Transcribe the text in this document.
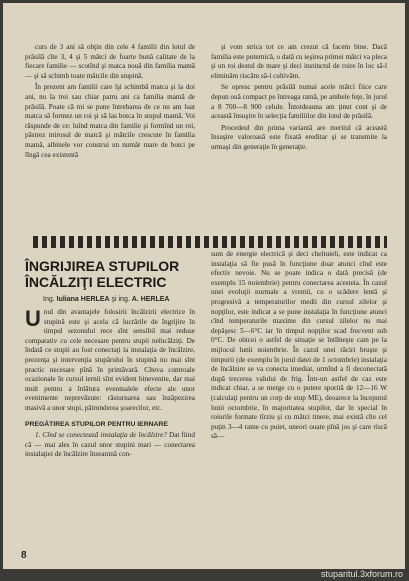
curs de 3 ani să obţin din cele 4 familii din lotul de prăsilă cîte 3, 4 şi 5 mătci de foarte bună calitate de la fiecare familie — scotînd şi matca nouă din familia mamă — şi să schimb toate mătcile din stupină.

În prezent am familii care îşi schimbă matca şi la doi ani, nu la trei sau chiar patru ani ca familia mamă de prăsilă. Poate că mi se pune întrebarea de ce nu am luat matca să formez un roi şi să las botca în stupul mamă. Voi răspunde de ce: luînd matca din familie şi formînd un roi, păstrez mirosul de matcă şi mătcile crescute în familia mamă, albinele vor construi un număr mare de botci pe lîngă cea existentă

şi vom strica tot ce am crezut că facem bine. Dacă familia este puternică, o dată cu ieşirea primei mătci va pleca şi un roi destul de mare şi deci instinctul de roire în loc să-l eliminăm riscăm să-l cultivăm.

Se opresc pentru prăsilă numai acele mătci fiice care depun ouă compact pe întreaga ramă, pe ambele feţe, în jurul a 8 700—8 900 celule. Întotdeauna am ţinut cont şi de această însuşire în selecţia familiilor din lotul de prăsilă.

Procedeul din prima variantă are meritul că această însuşire valoroasă este fixată ereditar şi se transmite la urmaşi din generaţie în generaţie.

ÎNGRIJIREA STUPILOR ÎNCĂLZIŢI ELECTRIC
Ing. Iuliana HERLEA şi ing. A. HERLEA

Unul din avantajele folosirii încălzirii electrice în stupină este şi acela că lucrările de îngrijire în timpul sezonului rece sînt sensibil mai reduse comparativ cu cele necesare pentru stupii neîncălziţi. De îndată ce stupii au fost conectaţi la instalaţia de încălzire, prezenţa şi intervenţia stupărului în stupină nu mai sînt practic necesare pînă în primăvară. Cîteva controale ocazionale în cursul iernii sînt evident binevenite, dar mai mult pentru a înlătura eventualele efecte ale unor evenimente neprevăzute: răsturnarea sau înzăpezirea masivă a unor stupi, pătrunderea şoarecilor, etc.

PREGĂTIREA STUPILOR PENTRU IERNARE

1. Cînd se conectează instalaţia de încălzire? Dat fiind că — mai ales în cazul unor stupini mari — conectarea instalaţiei de încălzire înseamnă con-

sum de energie electrică şi deci cheltuieli, este indicat ca instalaţia să fie pusă în funcţiune doar atunci cînd este efectiv nevoie. Nu se poate indica o dată precisă (de exemplu 15 noiembrie) pentru conectarea acesteia. În cazul unei evoluţii normale a vremii, cu o scădere lentă şi progresivă a temperaturilor medii din cursul zilelor şi nopţilor, este indicat a se pune instalaţia în funcţiune atunci cînd temperaturile maxime din cursul zilelor nu mai depăşesc 5—6°C iar în timpul nopţilor scad frecvent sub 0°C. De obicei o astfel de situaţie se întîlneşte cam pe la mijlocul lunii noiembrie. În cazul unei răciri bruşte şi timpurii (de exemplu în jurul datei de 1 octombrie) instalaţia de încălzire se va conecta imediat, urmînd a fi deconectată după trecerea valului de frig. Într-un astfel de caz este indicat chiar, a se merge cu o putere sporită de 12—16 W (calculaţi pentru un corp de stup ME), deoarece la începutul lunii octombrie, în majoritatea stupilor, dar în special în roiurile formate tîrziu şi cu mătci tinere, mai există cîte cel puţin 3—4 rame cu puiet, uneori ouate pînă jos şi care riscă să—

8
stuparitul.3xforum.ro
